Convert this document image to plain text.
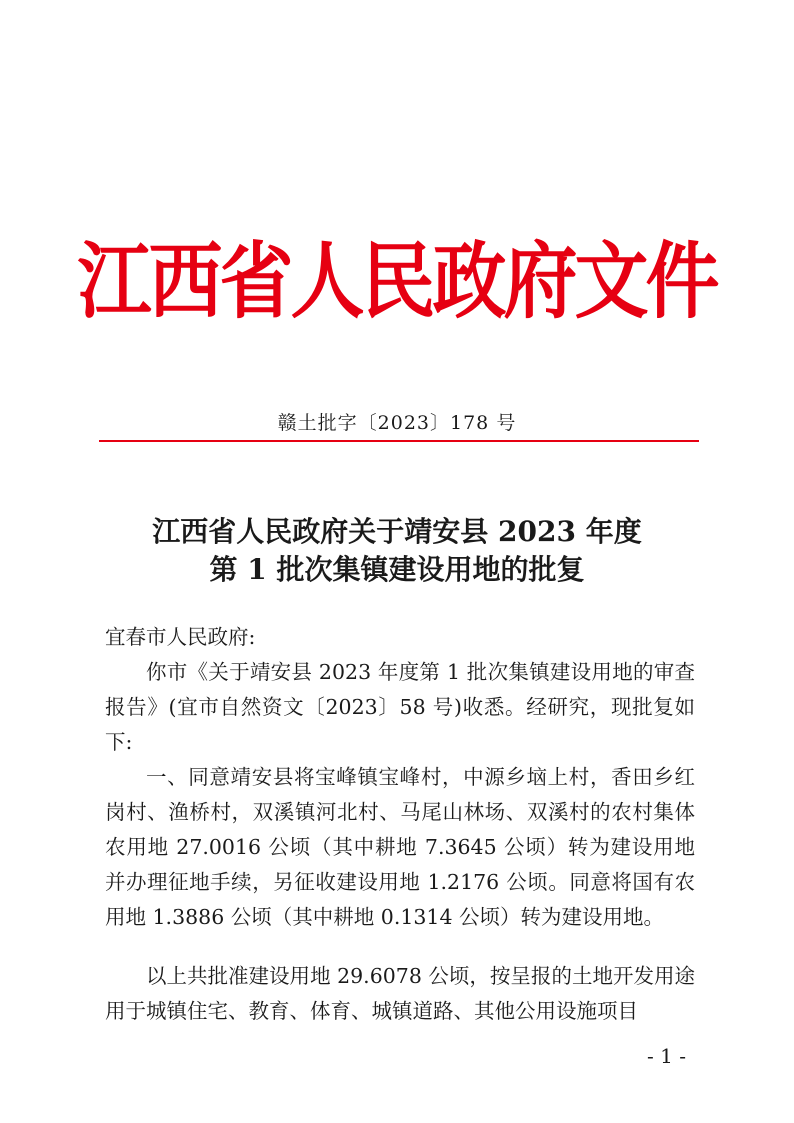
江西省人民政府文件
赣土批字〔2023〕178 号
江西省人民政府关于靖安县 2023 年度
第 1 批次集镇建设用地的批复

宜春市人民政府:

你市《关于靖安县 2023 年度第 1 批次集镇建设用地的审查报告》(宜市自然资文〔2023〕58 号)收悉。经研究，现批复如下:

一、同意靖安县将宝峰镇宝峰村，中源乡垴上村，香田乡红岗村、渔桥村，双溪镇河北村、马尾山林场、双溪村的农村集体农用地 27.0016 公顷（其中耕地 7.3645 公顷）转为建设用地并办理征地手续，另征收建设用地 1.2176 公顷。同意将国有农用地 1.3886 公顷（其中耕地 0.1314 公顷）转为建设用地。

以上共批准建设用地 29.6078 公顷，按呈报的土地开发用途用于城镇住宅、教育、体育、城镇道路、其他公用设施项目

- 1 -
